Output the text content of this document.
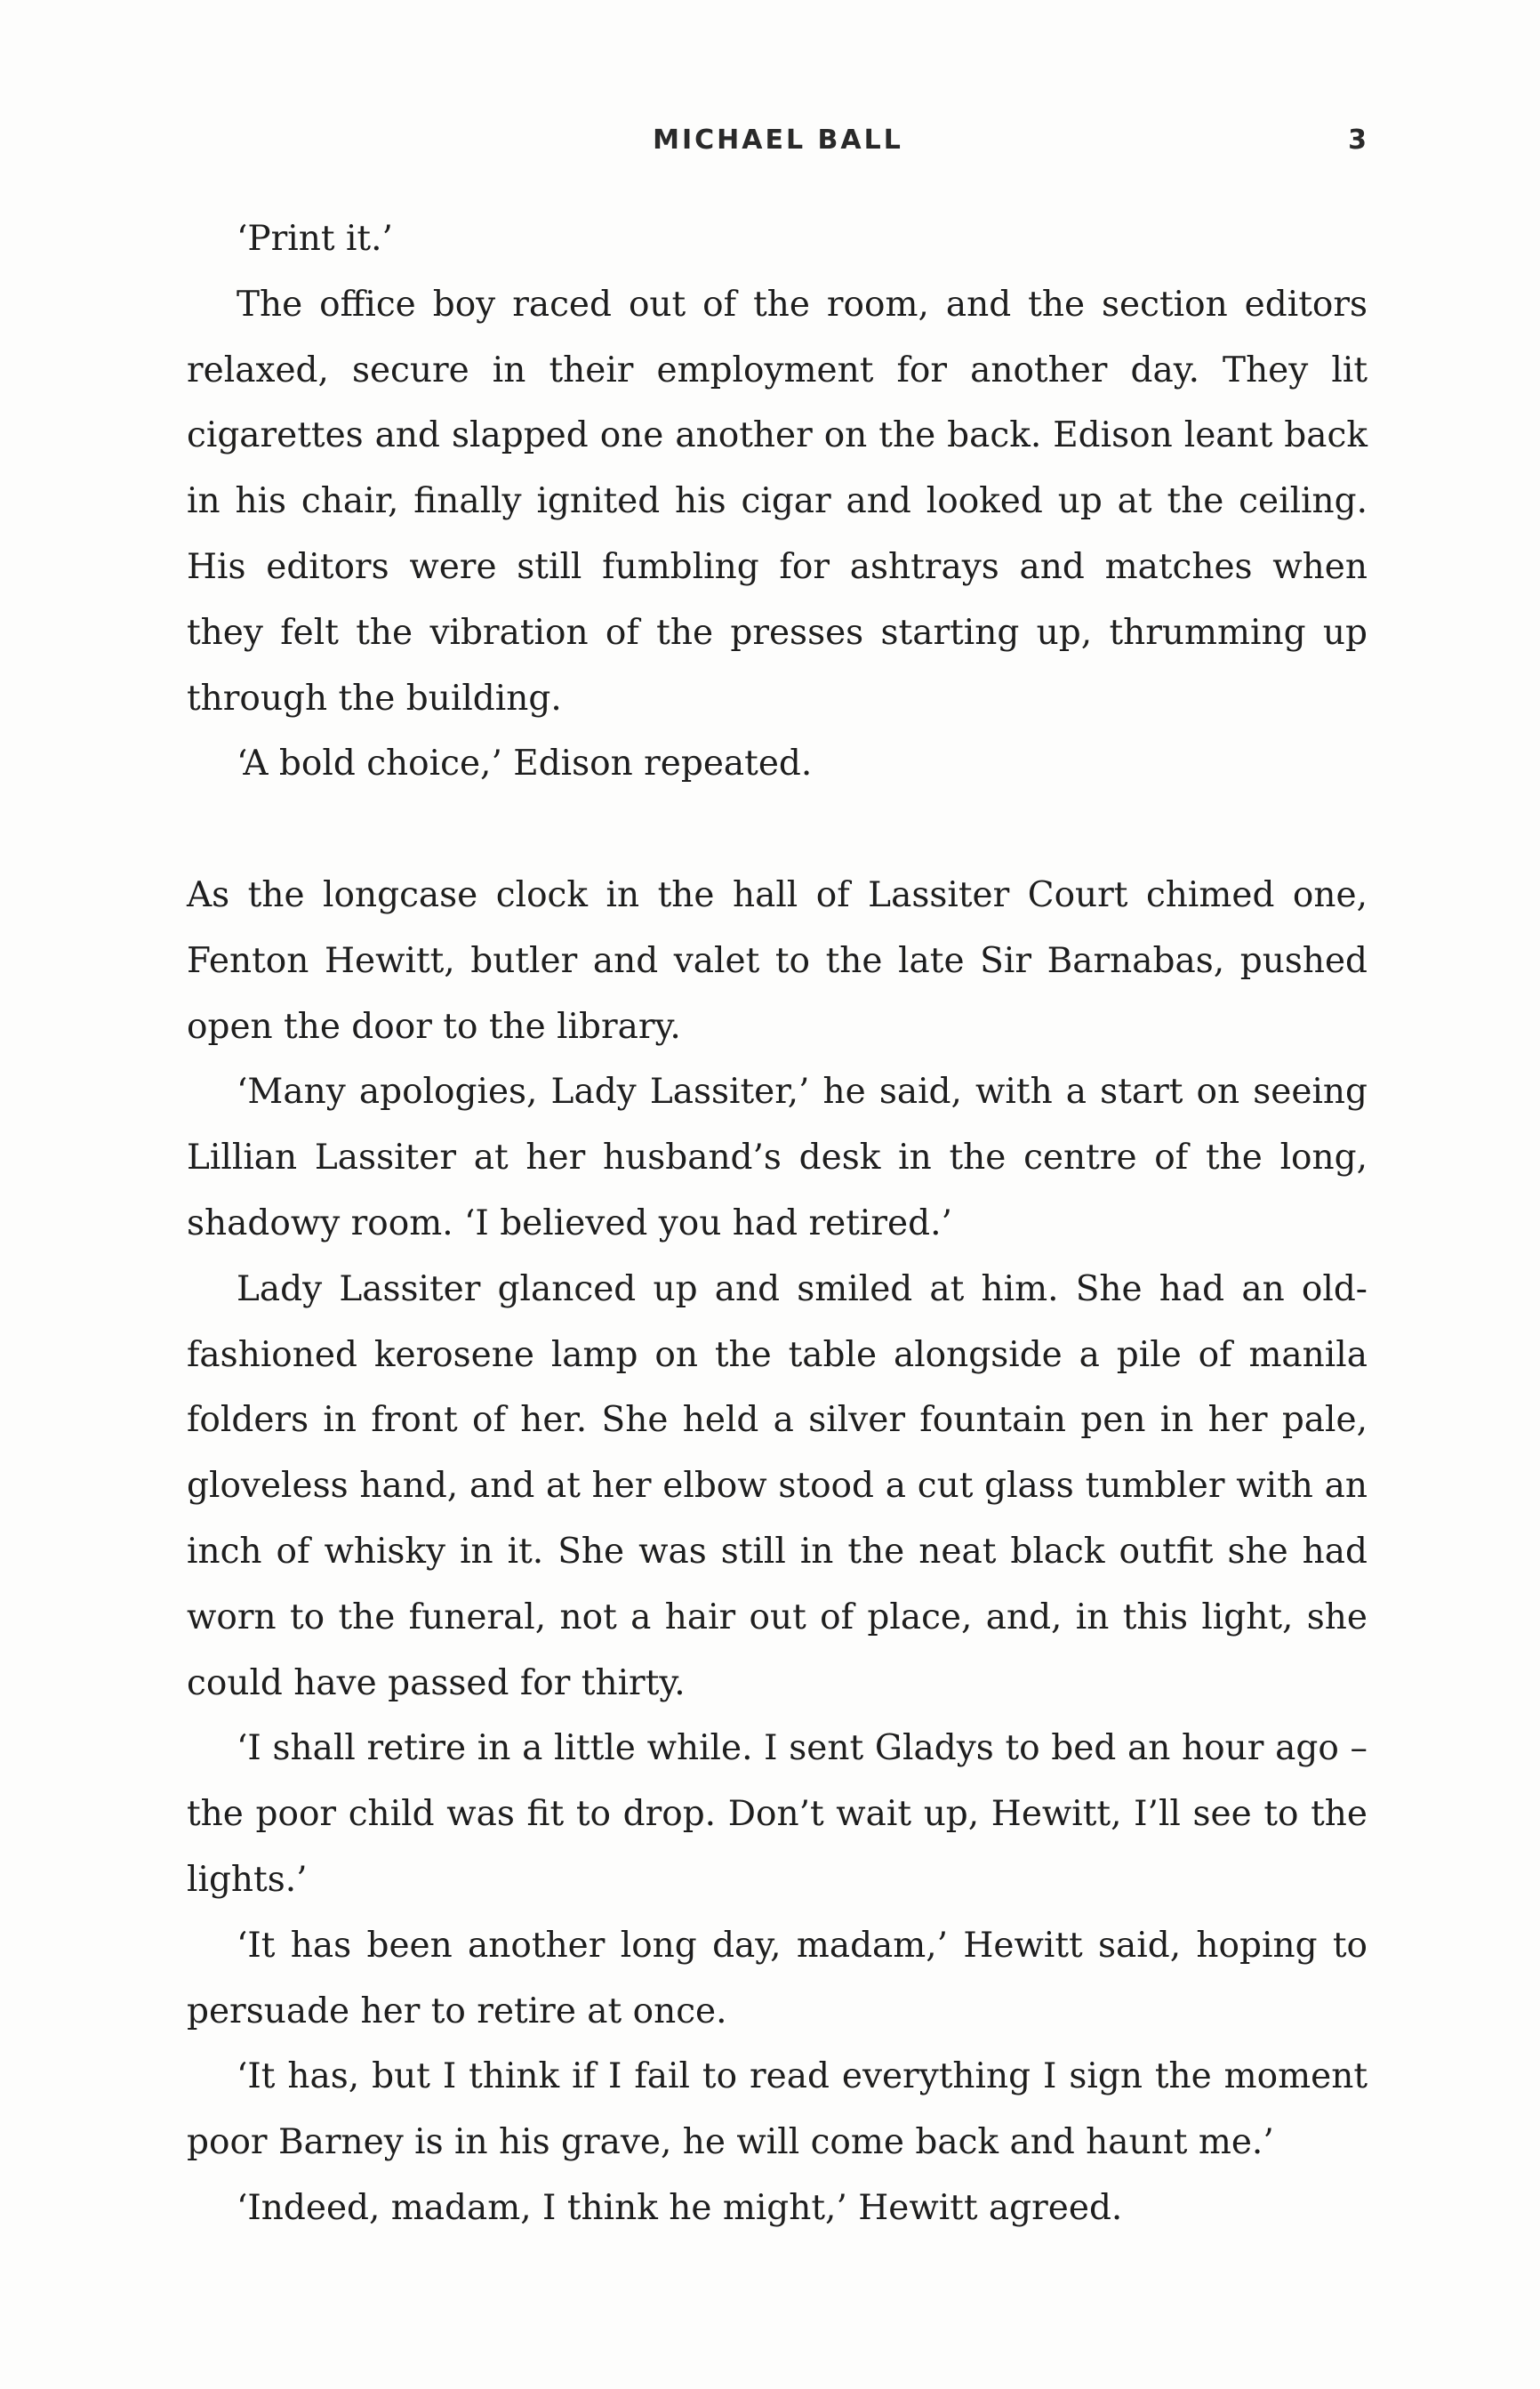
MICHAEL BALL	3

‘Print it.’

The office boy raced out of the room, and the section editors relaxed, secure in their employment for another day. They lit cigarettes and slapped one another on the back. Edison leant back in his chair, finally ignited his cigar and looked up at the ceiling. His editors were still fumbling for ashtrays and matches when they felt the vibration of the presses starting up, thrumming up through the building.

‘A bold choice,’ Edison repeated.

As the longcase clock in the hall of Lassiter Court chimed one, Fenton Hewitt, butler and valet to the late Sir Barnabas, pushed open the door to the library.

‘Many apologies, Lady Lassiter,’ he said, with a start on seeing Lillian Lassiter at her husband’s desk in the centre of the long, shadowy room. ‘I believed you had retired.’

Lady Lassiter glanced up and smiled at him. She had an old-fashioned kerosene lamp on the table alongside a pile of manila folders in front of her. She held a silver fountain pen in her pale, gloveless hand, and at her elbow stood a cut glass tumbler with an inch of whisky in it. She was still in the neat black outfit she had worn to the funeral, not a hair out of place, and, in this light, she could have passed for thirty.

‘I shall retire in a little while. I sent Gladys to bed an hour ago – the poor child was fit to drop. Don’t wait up, Hewitt, I’ll see to the lights.’

‘It has been another long day, madam,’ Hewitt said, hoping to persuade her to retire at once.

‘It has, but I think if I fail to read everything I sign the moment poor Barney is in his grave, he will come back and haunt me.’

‘Indeed, madam, I think he might,’ Hewitt agreed.
